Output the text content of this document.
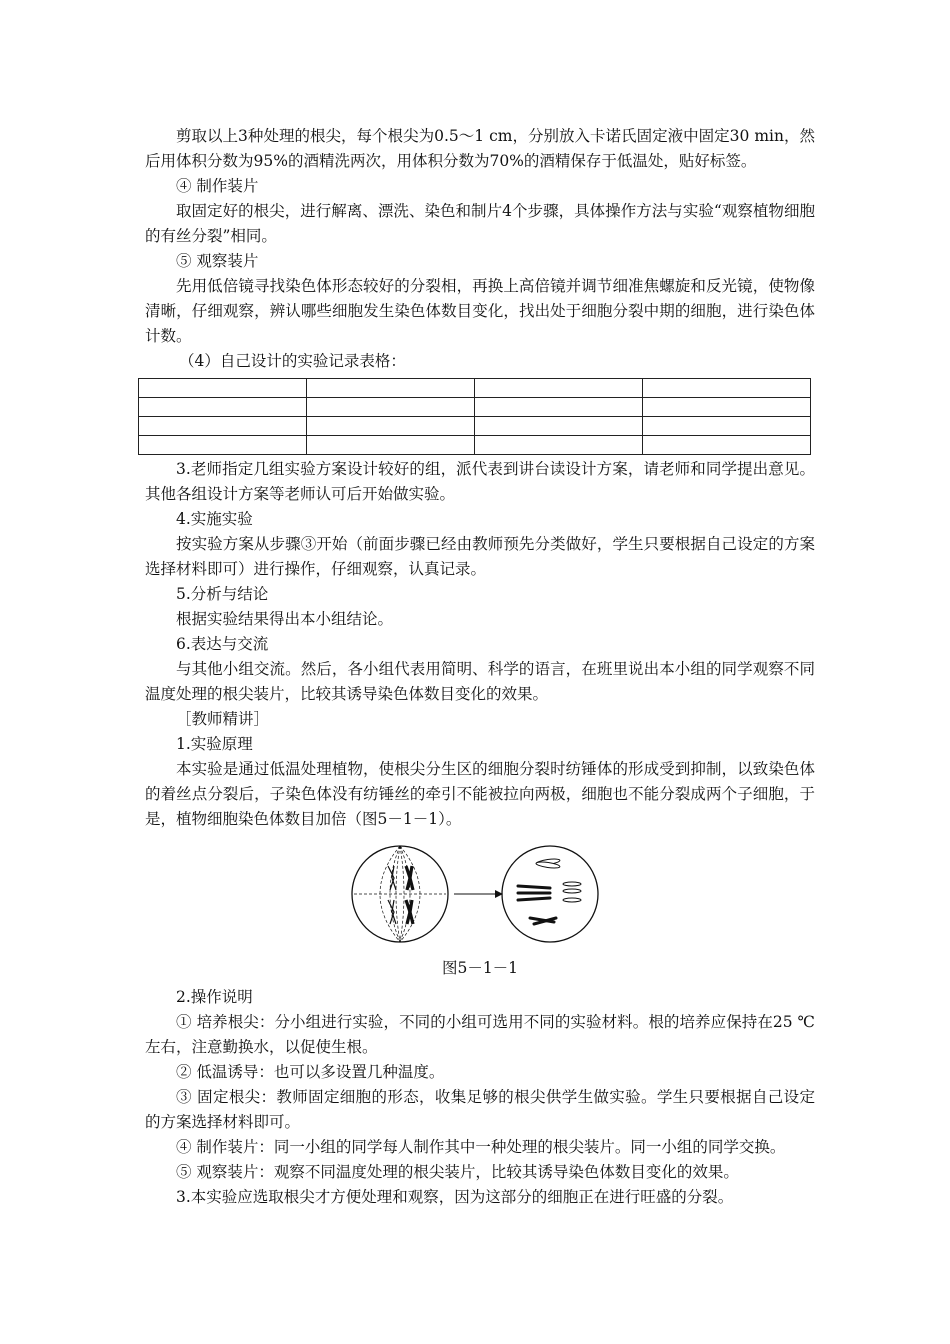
剪取以上3种处理的根尖，每个根尖为0.5～1 cm，分别放入卡诺氏固定液中固定30 min，然后用体积分数为95%的酒精洗两次，用体积分数为70%的酒精保存于低温处，贴好标签。

④ 制作装片

取固定好的根尖，进行解离、漂洗、染色和制片4个步骤，具体操作方法与实验“观察植物细胞的有丝分裂”相同。

⑤ 观察装片

先用低倍镜寻找染色体形态较好的分裂相，再换上高倍镜并调节细准焦螺旋和反光镜，使物像清晰，仔细观察，辨认哪些细胞发生染色体数目变化，找出处于细胞分裂中期的细胞，进行染色体计数。

（4）自己设计的实验记录表格：

3.老师指定几组实验方案设计较好的组，派代表到讲台读设计方案，请老师和同学提出意见。其他各组设计方案等老师认可后开始做实验。

4.实施实验

按实验方案从步骤③开始（前面步骤已经由教师预先分类做好，学生只要根据自己设定的方案选择材料即可）进行操作，仔细观察，认真记录。

5.分析与结论

根据实验结果得出本小组结论。

6.表达与交流

与其他小组交流。然后，各小组代表用简明、科学的语言，在班里说出本小组的同学观察不同温度处理的根尖装片，比较其诱导染色体数目变化的效果。

［教师精讲］

1.实验原理

本实验是通过低温处理植物，使根尖分生区的细胞分裂时纺锤体的形成受到抑制，以致染色体的着丝点分裂后，子染色体没有纺锤丝的牵引不能被拉向两极，细胞也不能分裂成两个子细胞，于是，植物细胞染色体数目加倍（图5－1－1）。

图5－1－1

2.操作说明

① 培养根尖：分小组进行实验，不同的小组可选用不同的实验材料。根的培养应保持在25 ℃左右，注意勤换水，以促使生根。

② 低温诱导：也可以多设置几种温度。

③ 固定根尖：教师固定细胞的形态，收集足够的根尖供学生做实验。学生只要根据自己设定的方案选择材料即可。

④ 制作装片：同一小组的同学每人制作其中一种处理的根尖装片。同一小组的同学交换。

⑤ 观察装片：观察不同温度处理的根尖装片，比较其诱导染色体数目变化的效果。

3.本实验应选取根尖才方便处理和观察，因为这部分的细胞正在进行旺盛的分裂。
